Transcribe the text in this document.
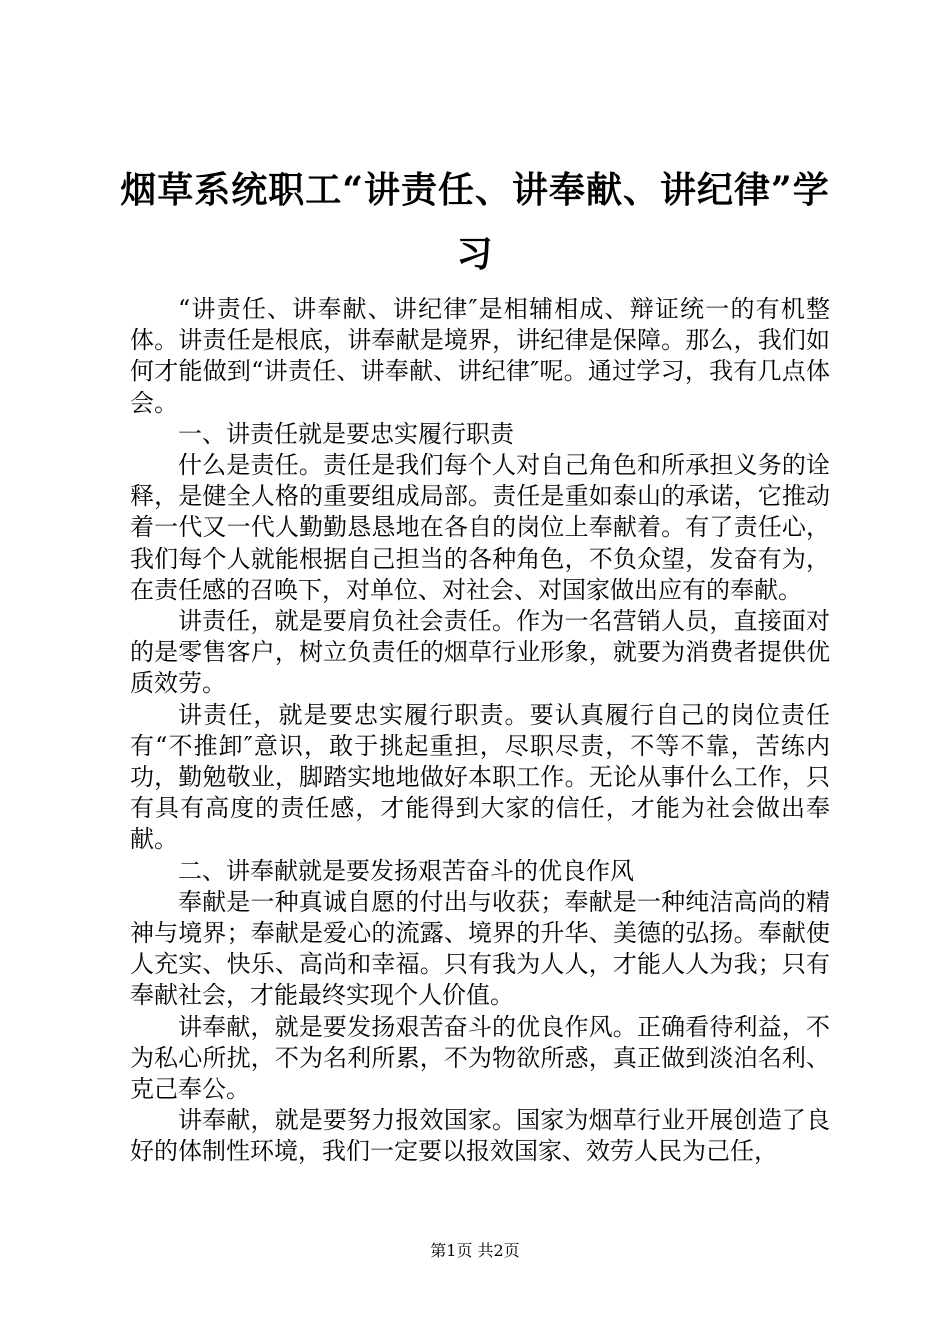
烟草系统职工“讲责任、讲奉献、讲纪律”学习

“讲责任、讲奉献、讲纪律″是相辅相成、辩证统一的有机整体。讲责任是根底，讲奉献是境界，讲纪律是保障。那么，我们如何才能做到“讲责任、讲奉献、讲纪律″呢。通过学习，我有几点体会。

一、讲责任就是要忠实履行职责

什么是责任。责任是我们每个人对自己角色和所承担义务的诠释，是健全人格的重要组成局部。责任是重如泰山的承诺，它推动着一代又一代人勤勤恳恳地在各自的岗位上奉献着。有了责任心，我们每个人就能根据自己担当的各种角色，不负众望，发奋有为，在责任感的召唤下，对单位、对社会、对国家做出应有的奉献。

讲责任，就是要肩负社会责任。作为一名营销人员，直接面对的是零售客户，树立负责任的烟草行业形象，就要为消费者提供优质效劳。

讲责任，就是要忠实履行职责。要认真履行自己的岗位责任有“不推卸″意识，敢于挑起重担，尽职尽责，不等不靠，苦练内功，勤勉敬业，脚踏实地地做好本职工作。无论从事什么工作，只有具有高度的责任感，才能得到大家的信任，才能为社会做出奉献。

二、讲奉献就是要发扬艰苦奋斗的优良作风

奉献是一种真诚自愿的付出与收获；奉献是一种纯洁高尚的精神与境界；奉献是爱心的流露、境界的升华、美德的弘扬。奉献使人充实、快乐、高尚和幸福。只有我为人人，才能人人为我；只有奉献社会，才能最终实现个人价值。

讲奉献，就是要发扬艰苦奋斗的优良作风。正确看待利益，不为私心所扰，不为名利所累，不为物欲所惑，真正做到淡泊名利、克己奉公。

讲奉献，就是要努力报效国家。国家为烟草行业开展创造了良好的体制性环境，我们一定要以报效国家、效劳人民为己任，

第1页 共2页
